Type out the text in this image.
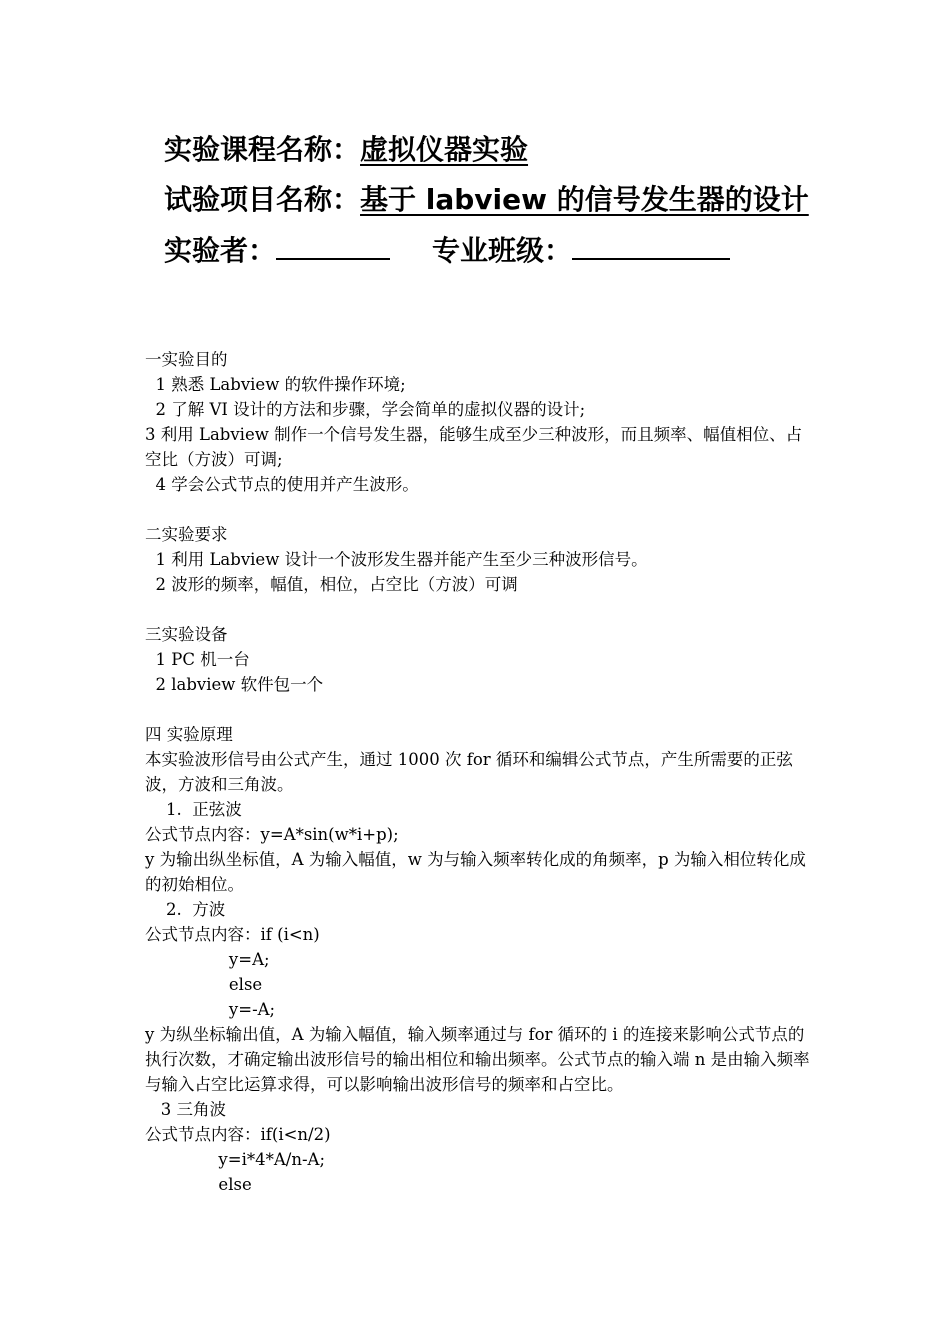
实验课程名称：虚拟仪器实验
试验项目名称：基于 labview 的信号发生器的设计
实验者：	专业班级：
一实验目的
1 熟悉 Labview 的软件操作环境;
2 了解 VI 设计的方法和步骤，学会简单的虚拟仪器的设计;
3 利用 Labview 制作一个信号发生器，能够生成至少三种波形，而且频率、幅值相位、占空比（方波）可调;
4 学会公式节点的使用并产生波形。
二实验要求
1 利用 Labview 设计一个波形发生器并能产生至少三种波形信号。
2 波形的频率，幅值，相位，占空比（方波）可调
三实验设备
1 PC 机一台
2 labview 软件包一个
四 实验原理
本实验波形信号由公式产生，通过 1000 次 for 循环和编辑公式节点，产生所需要的正弦波，方波和三角波。
1.  正弦波
公式节点内容：y=A*sin(w*i+p);
y 为输出纵坐标值，A 为输入幅值，w 为与输入频率转化成的角频率，p 为输入相位转化成的初始相位。
2.  方波
公式节点内容：if (i<n)
y=A;
else
y=-A;
y 为纵坐标输出值，A 为输入幅值，输入频率通过与 for 循环的 i 的连接来影响公式节点的执行次数，才确定输出波形信号的输出相位和输出频率。公式节点的输入端 n 是由输入频率与输入占空比运算求得，可以影响输出波形信号的频率和占空比。
3 三角波
公式节点内容：if(i<n/2)
y=i*4*A/n-A;
else
